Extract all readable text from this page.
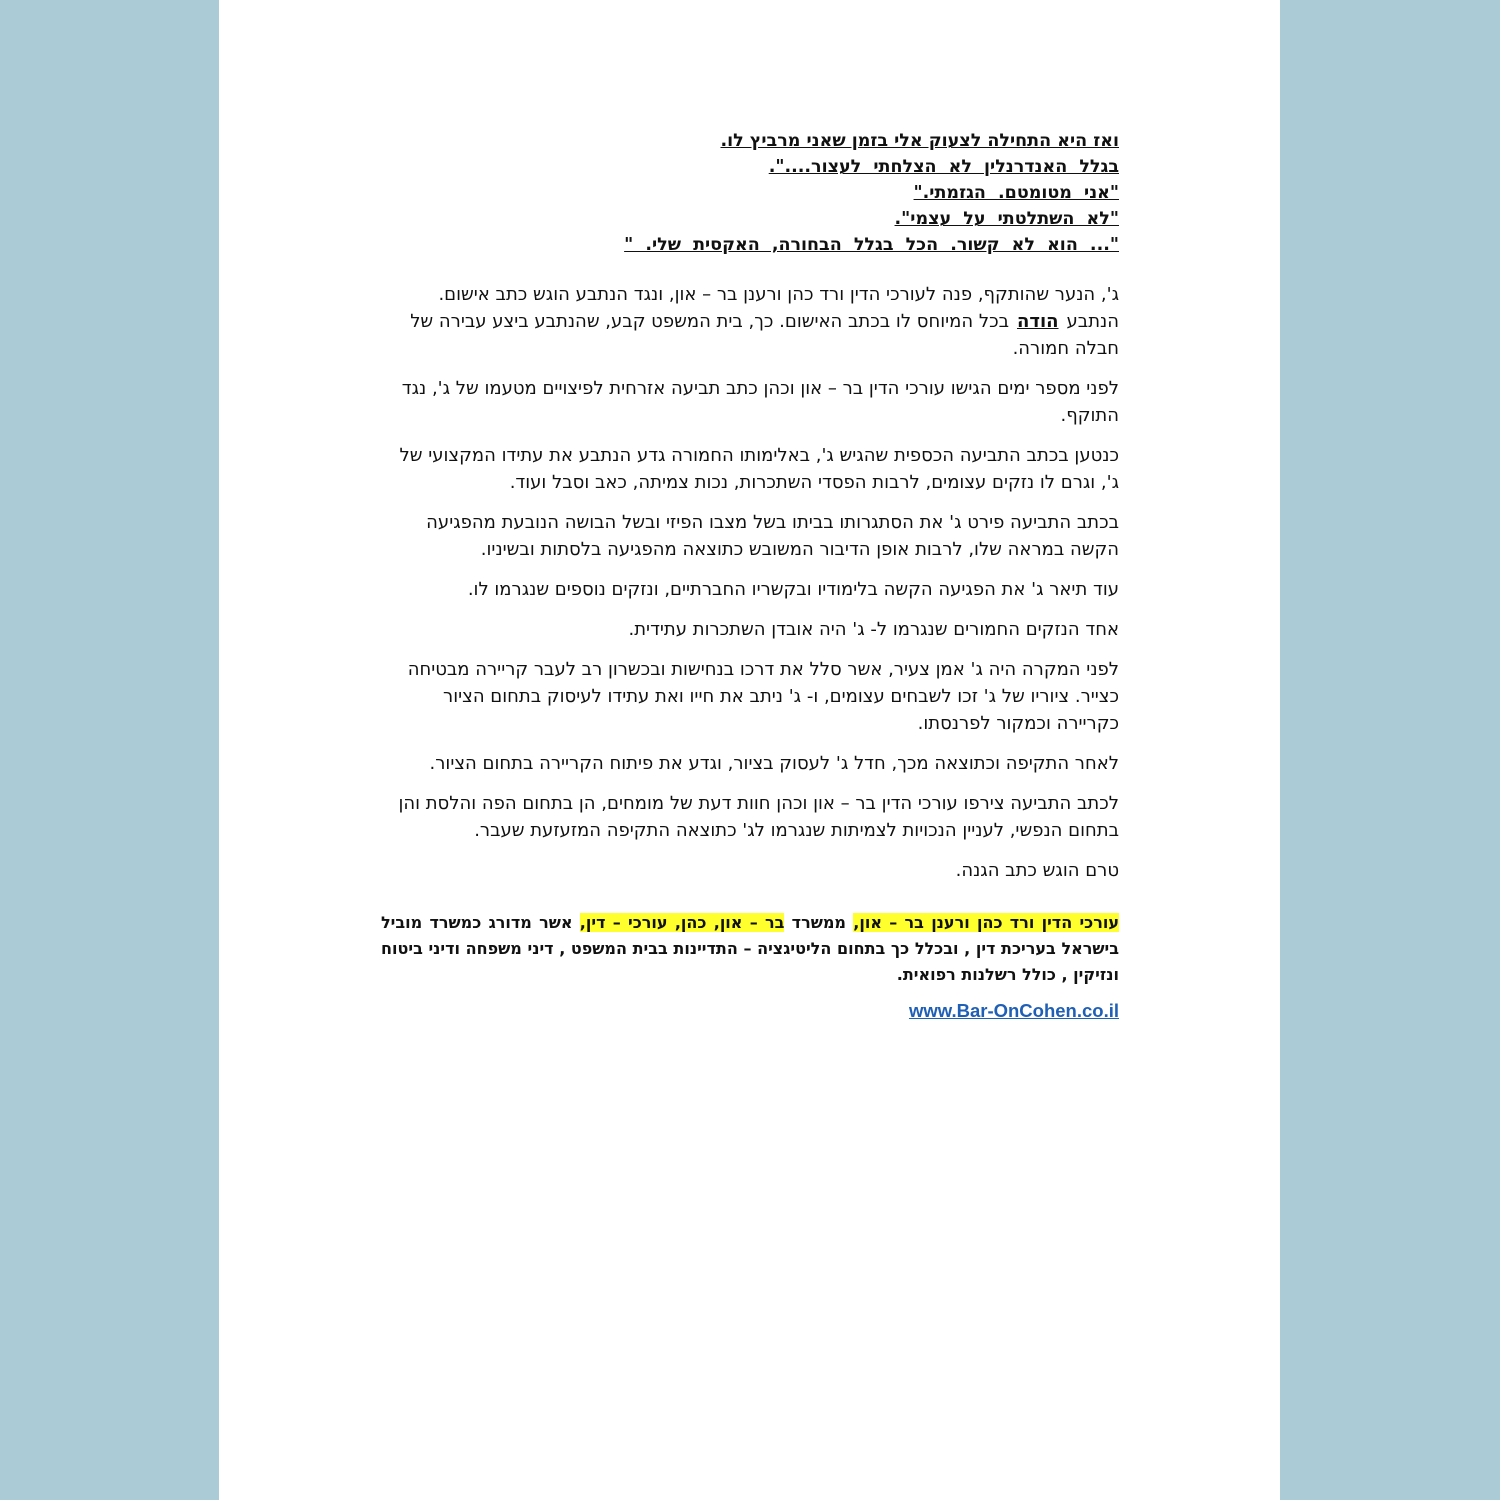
ואז היא התחילה לצעוק אלי בזמן שאני מרביץ לו.
בגלל האנדרנלין לא הצלחתי לעצור....".
"אני מטומטם. הגזמתי."
"לא השתלטתי על עצמי".
"... הוא לא קשור. הכל בגלל הבחורה, האקסית שלי. "

ג', הנער שהותקף, פנה לעורכי הדין ורד כהן ורענן בר – און, ונגד הנתבע הוגש כתב אישום. הנתבעהודהבכל המיוחס לו בכתב האישום. כך, בית המשפט קבע, שהנתבע ביצע עבירה של חבלה חמורה.

לפני מספר ימים הגישו עורכי הדין בר – און וכהן כתב תביעה אזרחית לפיצויים מטעמו של ג', נגד התוקף.

כנטען בכתב התביעה הכספית שהגיש ג', באלימותו החמורה גדע הנתבע את עתידו המקצועי של ג', וגרם לו נזקים עצומים, לרבות הפסדי השתכרות, נכות צמיתה, כאב וסבל ועוד.

בכתב התביעה פירט ג' את הסתגרותו בביתו בשל מצבו הפיזי ובשל הבושה הנובעת מהפגיעה הקשה במראה שלו, לרבות אופן הדיבור המשובש כתוצאה מהפגיעה בלסתות ובשיניו.

עוד תיאר ג' את הפגיעה הקשה בלימודיו ובקשריו החברתיים, ונזקים נוספים שנגרמו לו.

אחד הנזקים החמורים שנגרמו ל- ג' היה אובדן השתכרות עתידית.

לפני המקרה היה ג' אמן צעיר, אשר סלל את דרכו בנחישות ובכשרון רב לעבר קריירה מבטיחה כצייר. ציוריו של ג' זכו לשבחים עצומים, ו- ג' ניתב את חייו ואת עתידו לעיסוק בתחום הציור כקריירה וכמקור לפרנסתו.

לאחר התקיפה וכתוצאה מכך, חדל ג' לעסוק בציור, וגדע את פיתוח הקריירה בתחום הציור.

לכתב התביעה צירפו עורכי הדין בר – און וכהן חוות דעת של מומחים, הן בתחום הפה והלסת והן בתחום הנפשי, לעניין הנכויות לצמיתות שנגרמו לג' כתוצאה התקיפה המזעזעת שעבר.

טרם הוגש כתב הגנה.

עורכי הדין ורד כהן ורענן בר – און, ממשרד בר – און, כהן, עורכי – דין, אשר מדורג כמשרד מוביל בישראל בעריכת דין , ובכלל כך בתחום הליטיגציה – התדיינות בבית המשפט , דיני משפחה ודיני ביטוח ונזיקין , כולל רשלנות רפואית.
www.Bar-OnCohen.co.il
